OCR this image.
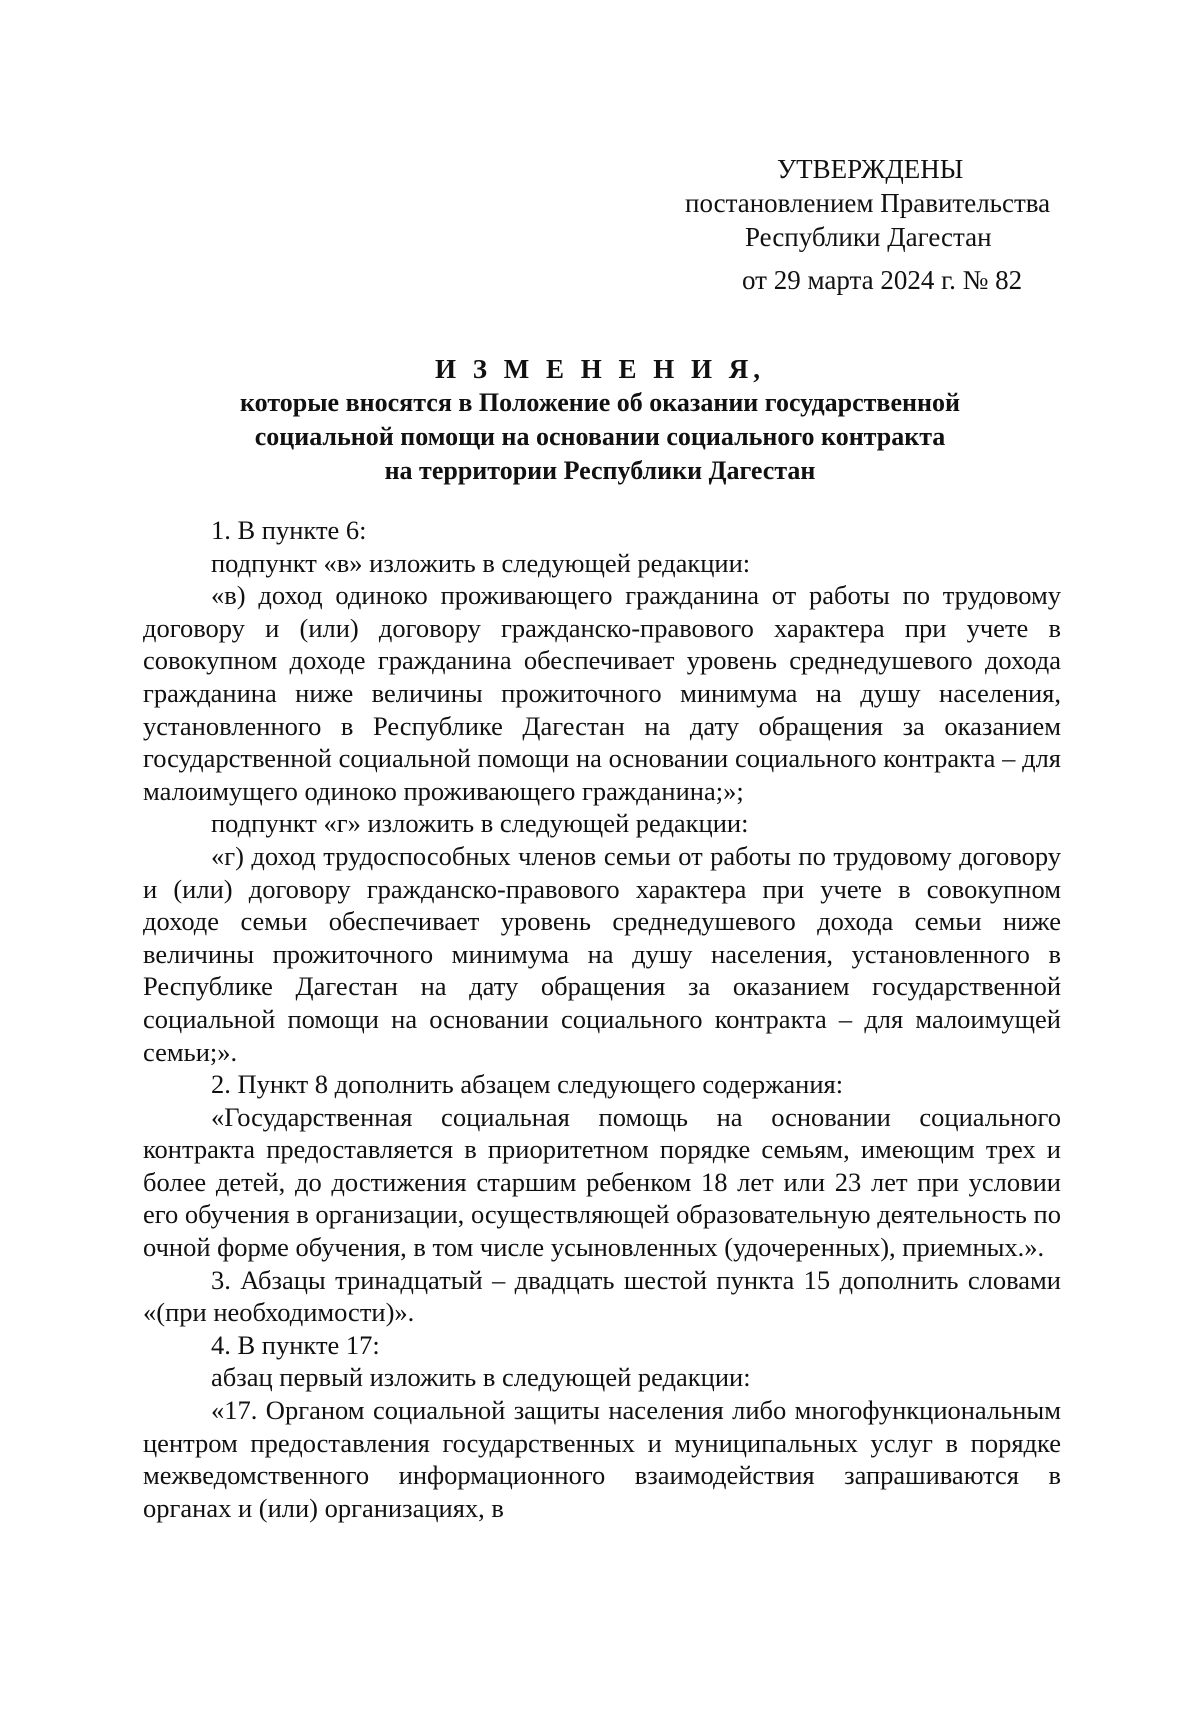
УТВЕРЖДЕНЫ
постановлением Правительства
Республики Дагестан
от 29 марта 2024 г. № 82
И З М Е Н Е Н И Я,
которые вносятся в Положение об оказании государственной
социальной помощи на основании социального контракта
на территории Республики Дагестан

1. В пункте 6:

подпункт «в» изложить в следующей редакции:

«в) доход одиноко проживающего гражданина от работы по трудовому договору и (или) договору гражданско-правового характера при учете в совокупном доходе гражданина обеспечивает уровень среднедушевого дохода гражданина ниже величины прожиточного минимума на душу населения, установленного в Республике Дагестан на дату обращения за оказанием государственной социальной помощи на основании социального контракта – для малоимущего одиноко проживающего гражданина;»;

подпункт «г» изложить в следующей редакции:

«г) доход трудоспособных членов семьи от работы по трудовому договору и (или) договору гражданско-правового характера при учете в совокупном доходе семьи обеспечивает уровень среднедушевого дохода семьи ниже величины прожиточного минимума на душу населения, установленного в Республике Дагестан на дату обращения за оказанием государственной социальной помощи на основании социального контракта – для малоимущей семьи;».

2. Пункт 8 дополнить абзацем следующего содержания:

«Государственная социальная помощь на основании социального контракта предоставляется в приоритетном порядке семьям, имеющим трех и более детей, до достижения старшим ребенком 18 лет или 23 лет при условии его обучения в организации, осуществляющей образовательную деятельность по очной форме обучения, в том числе усыновленных (удочеренных), приемных.».

3. Абзацы тринадцатый – двадцать шестой пункта 15 дополнить словами «(при необходимости)».

4. В пункте 17:

абзац первый изложить в следующей редакции:

«17. Органом социальной защиты населения либо многофункциональным центром предоставления государственных и муниципальных услуг в порядке межведомственного информационного взаимодействия запрашиваются в органах и (или) организациях, в
